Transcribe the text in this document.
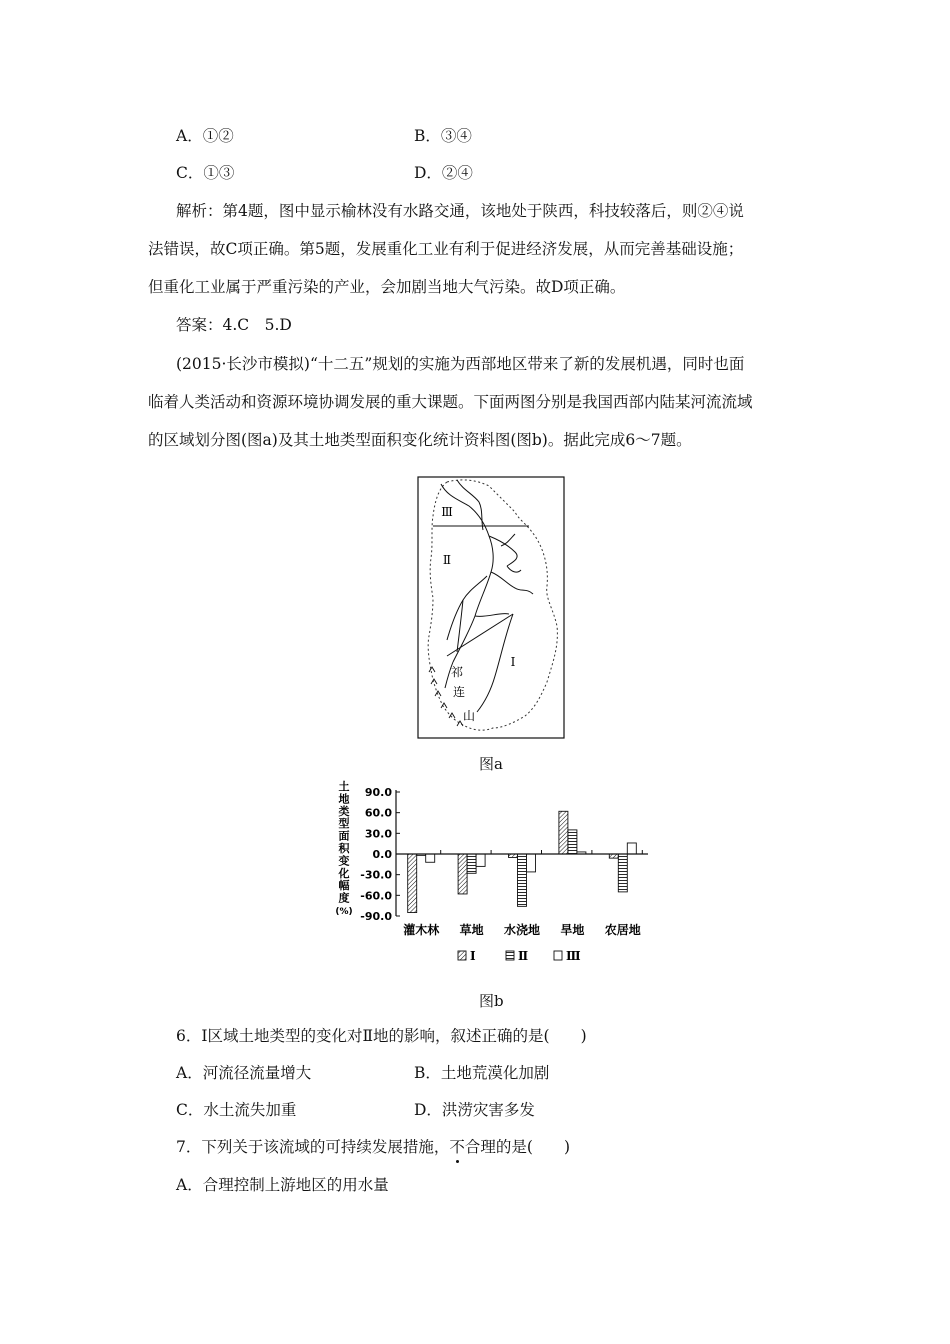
A．①②	B．③④
C．①③	D．②④
解析：第4题，图中显示榆林没有水路交通，该地处于陕西，科技较落后，则②④说
法错误，故C项正确。第5题，发展重化工业有利于促进经济发展，从而完善基础设施；
但重化工业属于严重污染的产业，会加剧当地大气污染。故D项正确。
答案：4.C　5.D
(2015·长沙市模拟)“十二五”规划的实施为西部地区带来了新的发展机遇，同时也面
临着人类活动和资源环境协调发展的重大课题。下面两图分别是我国西部内陆某河流流域
的区域划分图(图a)及其土地类型面积变化统计资料图(图b)。据此完成6～7题。
Ⅲ
Ⅱ
Ⅰ
祁
连
山
图a
土
地
类
型
面
积
变
化
幅
度
(%)
90.0
60.0
30.0
0.0
-30.0
-60.0
-90.0
灌木林 草地 水浇地 旱地 农居地
Ⅰ	Ⅱ	Ⅲ
图b
6．Ⅰ区域土地类型的变化对Ⅱ地的影响，叙述正确的是(　　)
A．河流径流量增大	B．土地荒漠化加剧
C．水土流失加重	D．洪涝灾害多发
7．下列关于该流域的可持续发展措施，不合理的是(　　)
A．合理控制上游地区的用水量
